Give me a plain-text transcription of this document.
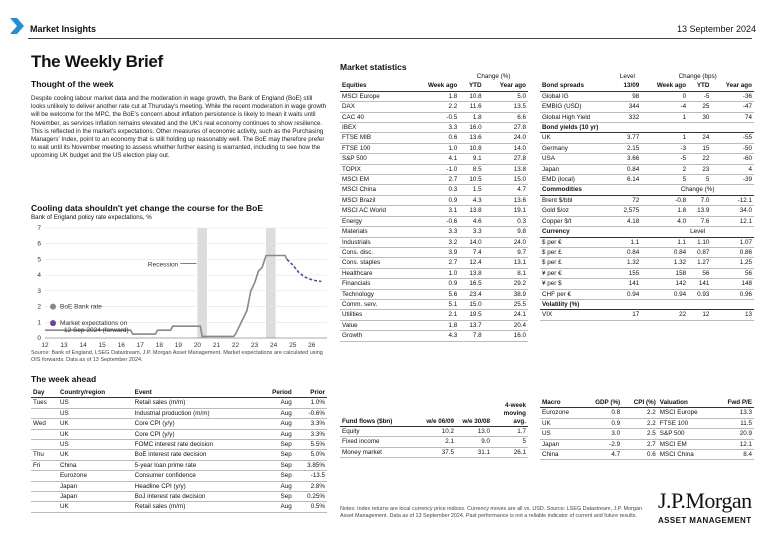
Market Insights	13 September 2024
The Weekly Brief
Thought of the week
Despite cooling labour market data and the moderation in wage growth, the Bank of England (BoE) still looks unlikely to deliver another rate cut at Thursday's meeting. While the recent moderation in wage growth will be welcome for the MPC, the BoE's concern about inflation persistence is likely to mean it waits until November, as services inflation remains elevated and the UK's real economy continues to show resilience. This is reflected in the market's expectations. Other measures of economic activity, such as the Purchasing Managers' Index, point to an economy that is still holding up reasonably well. The BoE may therefore prefer to wait until its November meeting to assess whether further easing is warranted, including to see how the upcoming UK budget and the US election play out.
Cooling data shouldn't yet change the course for the BoE
Bank of England policy rate expectations, %
0
1
2
3
4
5
6
7
12 13 14 15 16 17 18 19 20 21 22 23 24 25 26
Recession
BoE Bank rate
Market expectations on
12 Sep 2024 (forward)
Source: Bank of England, LSEG Datastream, J.P. Morgan Asset Management. Market expectations are calculated using OIS forwards. Data as of 13 September 2024.
The week ahead
Day	Country/region	Event	Period	Prior
Tues	US	Retail sales (m/m)	Aug	1.0%
	US	Industrial production (m/m)	Aug	-0.6%
Wed	UK	Core CPI (y/y)	Aug	3.3%
	UK	Core CPI (y/y)	Aug	3.3%
	US	FOMC interest rate decision	Sep	5.5%
Thu	UK	BoE interest rate decision	Sep	5.0%
Fri	China	5-year loan prime rate	Sep	3.85%
	Eurozone	Consumer confidence	Sep	-13.5
	Japan	Headline CPI (y/y)	Aug	2.8%
	Japan	BoJ interest rate decision	Sep	0.25%
	UK	Retail sales (m/m)	Aug	0.5%
Market statistics
		Change (%)	
Equities	Week ago	YTD	Year ago
MSCI Europe	1.8	10.8	5.0
DAX	2.2	11.6	13.5
CAC 40	-0.5	1.8	6.6
IBEX	3.3	16.0	27.8
FTSE MIB	0.6	13.6	24.0
FTSE 100	1.0	10.8	14.0
S&P 500	4.1	9.1	27.8
TOPIX	-1.0	8.5	13.8
MSCI EM	2.7	10.5	15.0
MSCI China	0.3	1.5	4.7
MSCI Brazil	0.9	4.3	13.6
MSCI AC World	3.1	13.8	19.1
Energy	-0.6	4.6	0.3
Materials	3.3	3.3	9.8
Industrials	3.2	14.0	24.0
Cons. disc.	3.9	7.4	9.7
Cons. staples	2.7	12.4	13.1
Healthcare	1.0	13.8	8.1
Financials	0.9	16.5	29.2
Technology	5.6	23.4	38.9
Comm. serv.	5.1	15.0	25.5
Utilities	2.1	19.5	24.1
Value	1.8	13.7	20.4
Growth	4.3	7.8	16.0
	Level	Change (bps)		
Bond spreads	13/09	Week ago	YTD	Year ago
Global IG	98	0	-5	-36
EMBIG (USD)	344	-4	25	-47
Global High Yield	332	1	30	74
Bond yields (10 yr)				
UK	3.77	1	24	-55
Germany	2.15	-3	15	-50
USA	3.66	-5	22	-60
Japan	0.84	2	23	4
EMD (local)	6.14	5	5	-39
Commodities		Change (%)		
Brent $/bbl	72	-0.8	7.0	-12.1
Gold $/oz	2,575	1.8	13.9	34.0
Copper $/t	4.18	4.0	7.6	12.1
Currency		Level		
$ per €	1.1	1.1	1.10	1.07
$ per £	0.84	0.84	0.87	0.86
$ per £	1.32	1.32	1.27	1.25
¥ per €	155	158	56	56
¥ per $	141	142	141	148
CHF per €	0.94	0.94	0.93	0.96
Volatility (%)				
VIX	17	22	12	13
Fund flows ($bn)	w/e 06/09	w/e 30/08	4-week moving avg.
Equity	10.2	13.0	1.7
Fixed income	2.1	9.0	5
Money market	37.5	31.1	26.1
Macro	GDP (%)	CPI (%)	Valuation	Fwd P/E
Eurozone	0.8	2.2	MSCI Europe	13.3
UK	0.9	2.2	FTSE 100	11.5
US	3.0	2.5	S&P 500	20.9
Japan	-2.9	2.7	MSCI EM	12.1
China	4.7	0.6	MSCI China	8.4
Notes: Index returns are local currency price indices. Currency moves are all vs. USD. Source: LSEG Datastream, J.P. Morgan Asset Management. Data as of 13 September 2024. Past performance is not a reliable indicator of current and future results.
J.P.Morgan
ASSET MANAGEMENT
